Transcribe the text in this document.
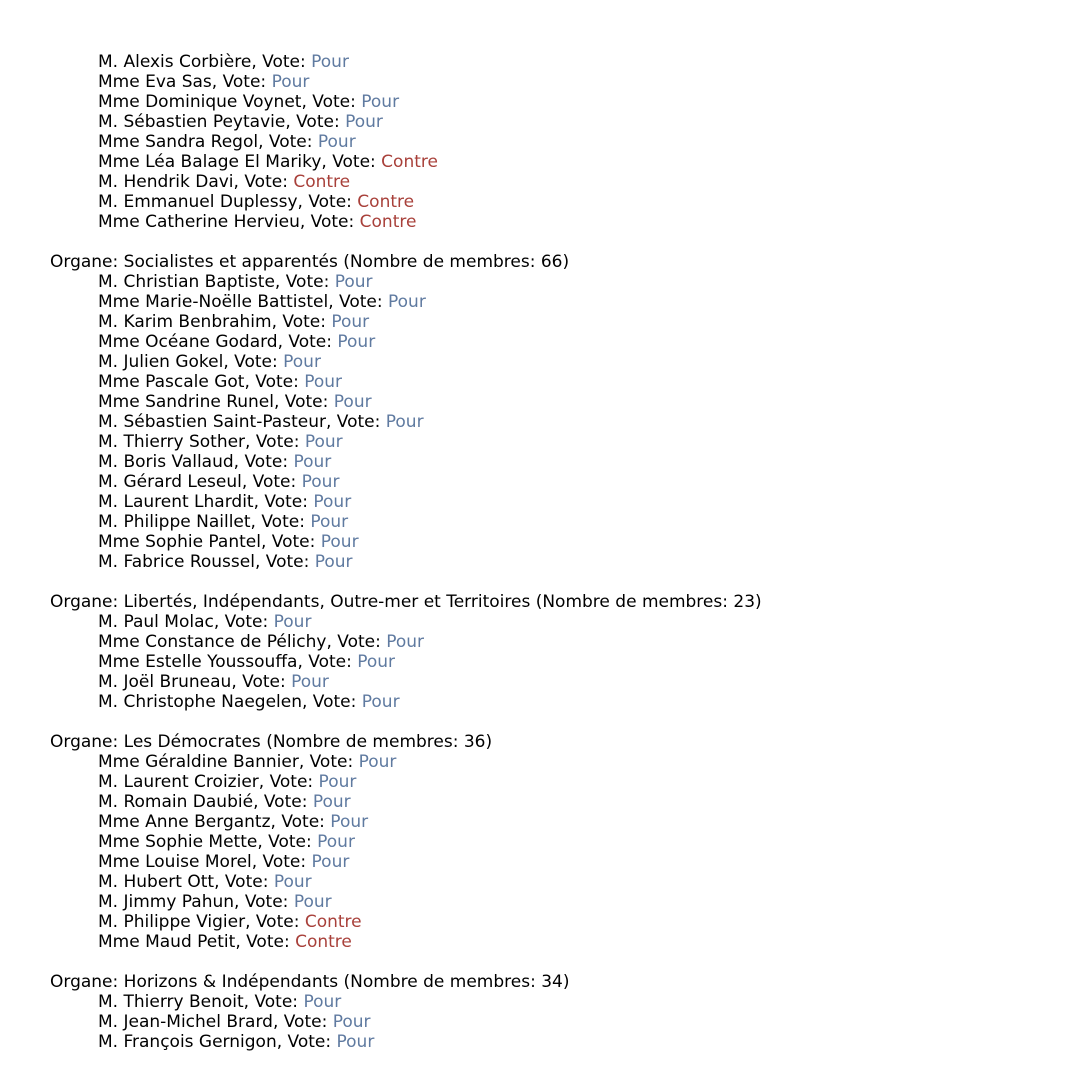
M. Alexis Corbière, Vote: Pour
Mme Eva Sas, Vote: Pour
Mme Dominique Voynet, Vote: Pour
M. Sébastien Peytavie, Vote: Pour
Mme Sandra Regol, Vote: Pour
Mme Léa Balage El Mariky, Vote: Contre
M. Hendrik Davi, Vote: Contre
M. Emmanuel Duplessy, Vote: Contre
Mme Catherine Hervieu, Vote: Contre
Organe: Socialistes et apparentés (Nombre de membres: 66)
M. Christian Baptiste, Vote: Pour
Mme Marie-Noëlle Battistel, Vote: Pour
M. Karim Benbrahim, Vote: Pour
Mme Océane Godard, Vote: Pour
M. Julien Gokel, Vote: Pour
Mme Pascale Got, Vote: Pour
Mme Sandrine Runel, Vote: Pour
M. Sébastien Saint-Pasteur, Vote: Pour
M. Thierry Sother, Vote: Pour
M. Boris Vallaud, Vote: Pour
M. Gérard Leseul, Vote: Pour
M. Laurent Lhardit, Vote: Pour
M. Philippe Naillet, Vote: Pour
Mme Sophie Pantel, Vote: Pour
M. Fabrice Roussel, Vote: Pour
Organe: Libertés, Indépendants, Outre-mer et Territoires (Nombre de membres: 23)
M. Paul Molac, Vote: Pour
Mme Constance de Pélichy, Vote: Pour
Mme Estelle Youssouffa, Vote: Pour
M. Joël Bruneau, Vote: Pour
M. Christophe Naegelen, Vote: Pour
Organe: Les Démocrates (Nombre de membres: 36)
Mme Géraldine Bannier, Vote: Pour
M. Laurent Croizier, Vote: Pour
M. Romain Daubié, Vote: Pour
Mme Anne Bergantz, Vote: Pour
Mme Sophie Mette, Vote: Pour
Mme Louise Morel, Vote: Pour
M. Hubert Ott, Vote: Pour
M. Jimmy Pahun, Vote: Pour
M. Philippe Vigier, Vote: Contre
Mme Maud Petit, Vote: Contre
Organe: Horizons & Indépendants (Nombre de membres: 34)
M. Thierry Benoit, Vote: Pour
M. Jean-Michel Brard, Vote: Pour
M. François Gernigon, Vote: Pour
